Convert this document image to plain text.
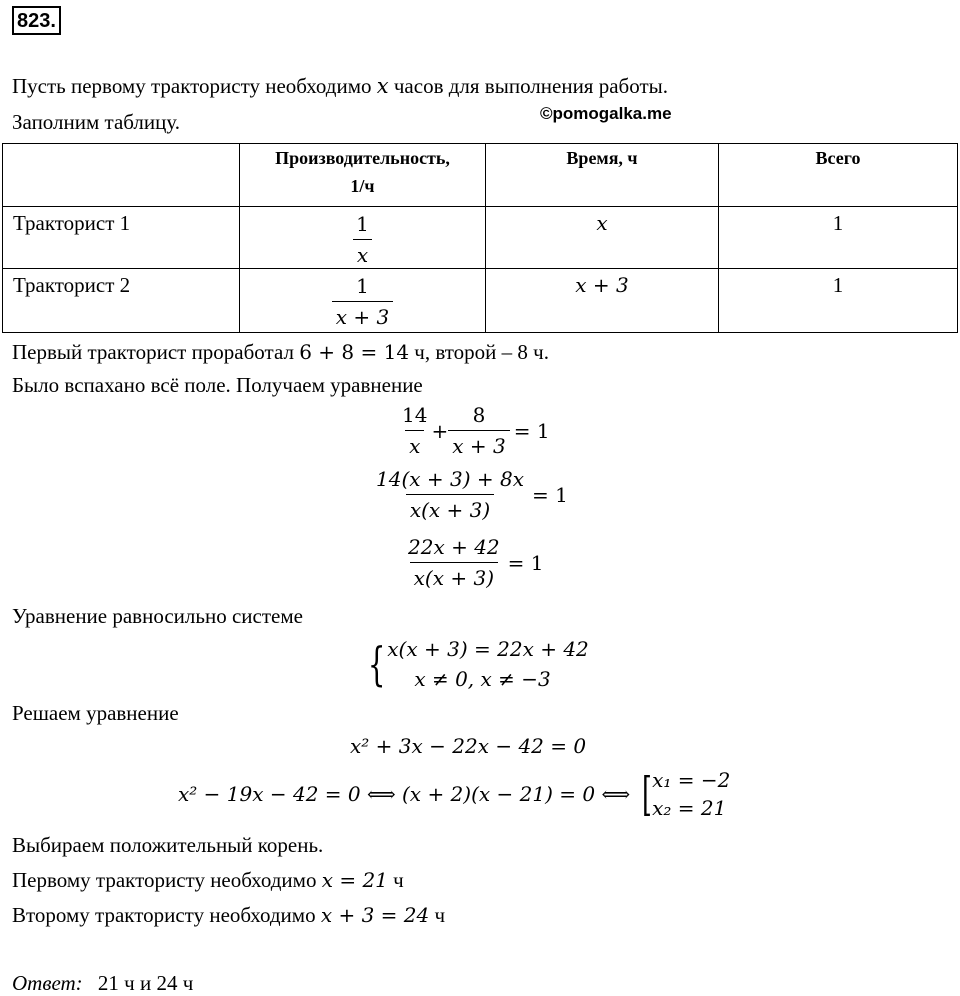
823.
Пусть первому трактористу необходимо x часов для выполнения работы.
©pomogalka.me
Заполним таблицу.

	Производительность,
1/ч	Время, ч	Всего
Тракторист 1	$\frac{1}{x}$	x	1
Тракторист 2	$\frac{1}{x + 3}$	x + 3	1
Первый тракторист проработал 6 + 8 = 14 ч, второй – 8 ч.
Было вспахано всё поле. Получаем уравнение
$\frac{14}{x} + \frac{8}{x + 3} = 1$
$\frac{14(x + 3) + 8x}{x(x + 3)} = 1$
$\frac{22x + 42}{x(x + 3)} = 1$
Уравнение равносильно системе
{ x(x + 3) = 22x + 42
x ≠ 0, x ≠ −3
Решаем уравнение
x² + 3x − 22x − 42 = 0
x² − 19x − 42 = 0 ⟺ (x + 2)(x − 21) = 0 ⟺ [ x₁ = −2
x₂ = 21
Выбираем положительный корень.
Первому трактористу необходимо x = 21 ч
Второму трактористу необходимо x + 3 = 24 ч
Ответ: 21 ч и 24 ч
